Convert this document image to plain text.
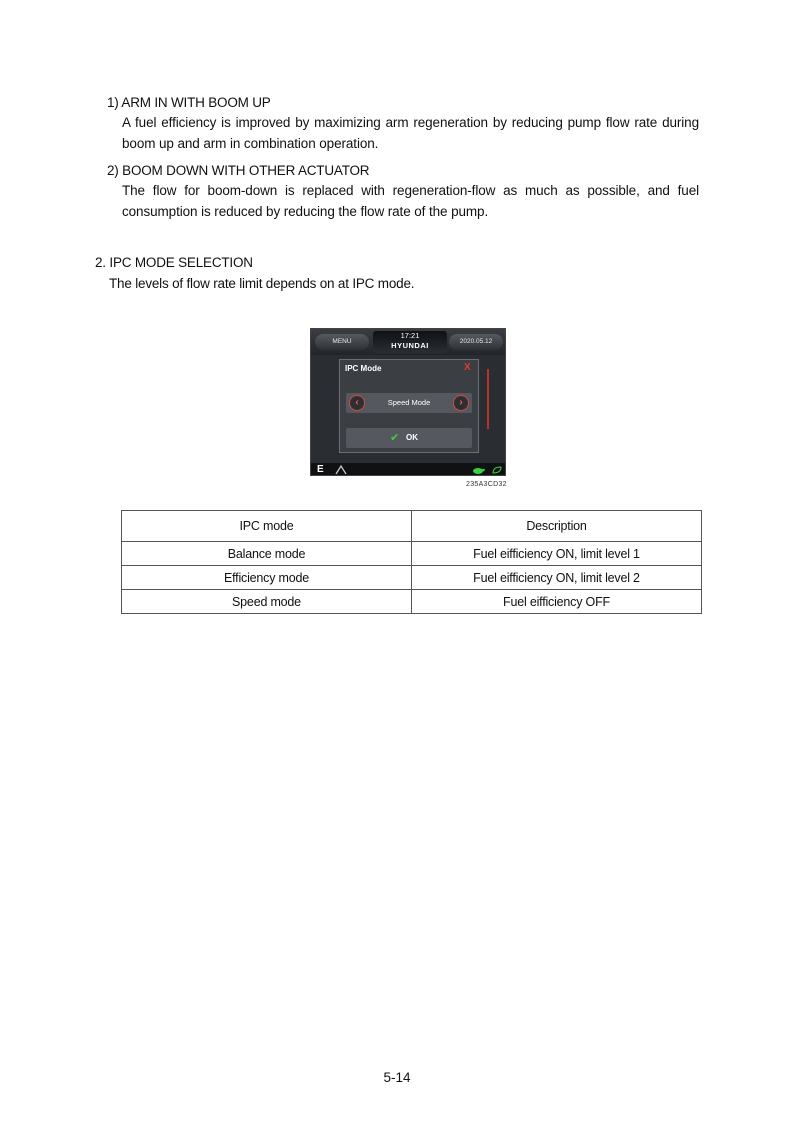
1) ARM IN WITH BOOM UP
A fuel efficiency is improved by maximizing arm regeneration by reducing pump flow rate during
boom up and arm in combination operation.
2) BOOM DOWN WITH OTHER ACTUATOR
The flow for boom-down is replaced with regeneration-flow as much as possible, and fuel
consumption is reduced by reducing the flow rate of the pump.
2. IPC MODE SELECTION
The levels of flow rate limit depends on at IPC mode.
MENU
17:21
HYUNDAI	2020.05.12
IPC Mode	X
‹	Speed Mode	›
✔ OK
E
235A3CD32
IPC mode	Description
Balance mode	Fuel eifficiency ON, limit level 1
Efficiency mode	Fuel eifficiency ON, limit level 2
Speed mode	Fuel eifficiency OFF
5-14
